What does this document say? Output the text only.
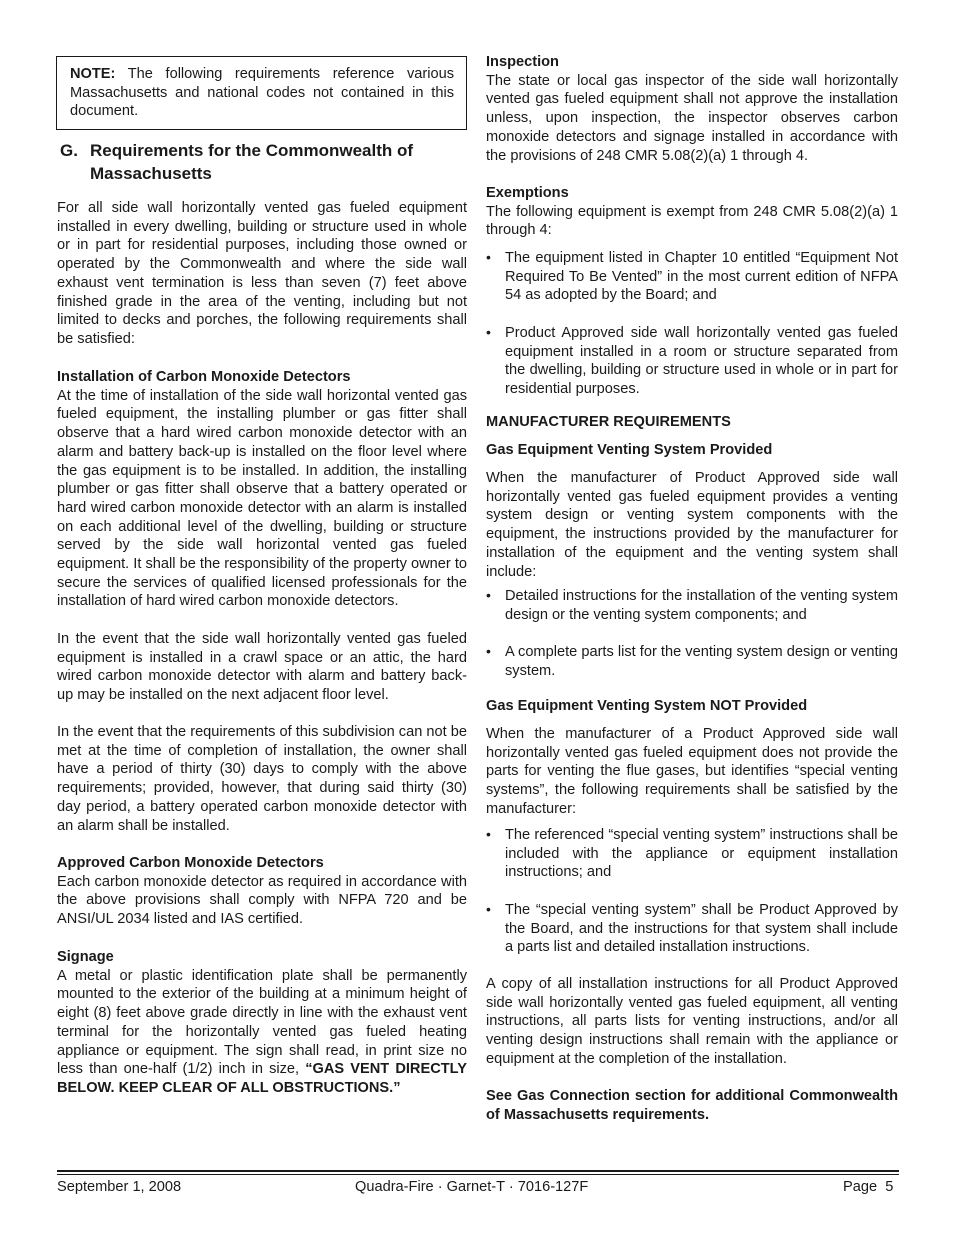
NOTE: The following requirements reference various Massachusetts and national codes not contained in this document.

G. Requirements for the Commonwealth of
Massachusetts

For all side wall horizontally vented gas fueled equipment installed in every dwelling, building or structure used in whole or in part for residential purposes, including those owned or operated by the Commonwealth and where the side wall exhaust vent termination is less than seven (7) feet above finished grade in the area of the venting, including but not limited to decks and porches, the following requirements shall be satisfied:

Installation of Carbon Monoxide Detectors

At the time of installation of the side wall horizontal vented gas fueled equipment, the installing plumber or gas fitter shall observe that a hard wired carbon monoxide detector with an alarm and battery back-up is installed on the floor level where the gas equipment is to be installed. In addition, the installing plumber or gas fitter shall observe that a battery operated or hard wired carbon monoxide detector with an alarm is installed on each additional level of the dwelling, building or structure served by the side wall horizontal vented gas fueled equipment. It shall be the responsibility of the property owner to secure the services of qualified licensed professionals for the installation of hard wired carbon monoxide detectors.

In the event that the side wall horizontally vented gas fueled equipment is installed in a crawl space or an attic, the hard wired carbon monoxide detector with alarm and battery back-up may be installed on the next adjacent floor level.

In the event that the requirements of this subdivision can not be met at the time of completion of installation, the owner shall have a period of thirty (30) days to comply with the above requirements; provided, however, that during said thirty (30) day period, a battery operated carbon monoxide detector with an alarm shall be installed.

Approved Carbon Monoxide Detectors

Each carbon monoxide detector as required in accordance with the above provisions shall comply with NFPA 720 and be ANSI/UL 2034 listed and IAS certified.

Signage

A metal or plastic identification plate shall be permanently mounted to the exterior of the building at a minimum height of eight (8) feet above grade directly in line with the exhaust vent terminal for the horizontally vented gas fueled heating appliance or equipment. The sign shall read, in print size no less than one-half (1/2) inch in size, “GAS VENT DIRECTLY BELOW. KEEP CLEAR OF ALL OBSTRUCTIONS.”

Inspection

The state or local gas inspector of the side wall horizontally vented gas fueled equipment shall not approve the installation unless, upon inspection, the inspector observes carbon monoxide detectors and signage installed in accordance with the provisions of 248 CMR 5.08(2)(a) 1 through 4.

Exemptions

The following equipment is exempt from 248 CMR 5.08(2)(a) 1 through 4:

• The equipment listed in Chapter 10 entitled “Equipment Not Required To Be Vented” in the most current edition of NFPA 54 as adopted by the Board; and

• Product Approved side wall horizontally vented gas fueled equipment installed in a room or structure separated from the dwelling, building or structure used in whole or in part for residential purposes.

MANUFACTURER REQUIREMENTS
Gas Equipment Venting System Provided

When the manufacturer of Product Approved side wall horizontally vented gas fueled equipment provides a venting system design or venting system components with the equipment, the instructions provided by the manufacturer for installation of the equipment and the venting system shall include:

• Detailed instructions for the installation of the venting system design or the venting system components; and

• A complete parts list for the venting system design or venting system.

Gas Equipment Venting System NOT Provided

When the manufacturer of a Product Approved side wall horizontally vented gas fueled equipment does not provide the parts for venting the flue gases, but identifies “special venting systems”, the following requirements shall be satisfied by the manufacturer:

• The referenced “special venting system” instructions shall be included with the appliance or equipment installation instructions; and

• The “special venting system” shall be Product Approved by the Board, and the instructions for that system shall include a parts list and detailed installation instructions.

A copy of all installation instructions for all Product Approved side wall horizontally vented gas fueled equipment, all venting instructions, all parts lists for venting instructions, and/or all venting design instructions shall remain with the appliance or equipment at the completion of the installation.

See Gas Connection section for additional Commonwealth of Massachusetts requirements.

September 1, 2008	Quadra-Fire · Garnet-T · 7016-127F	Page  5
